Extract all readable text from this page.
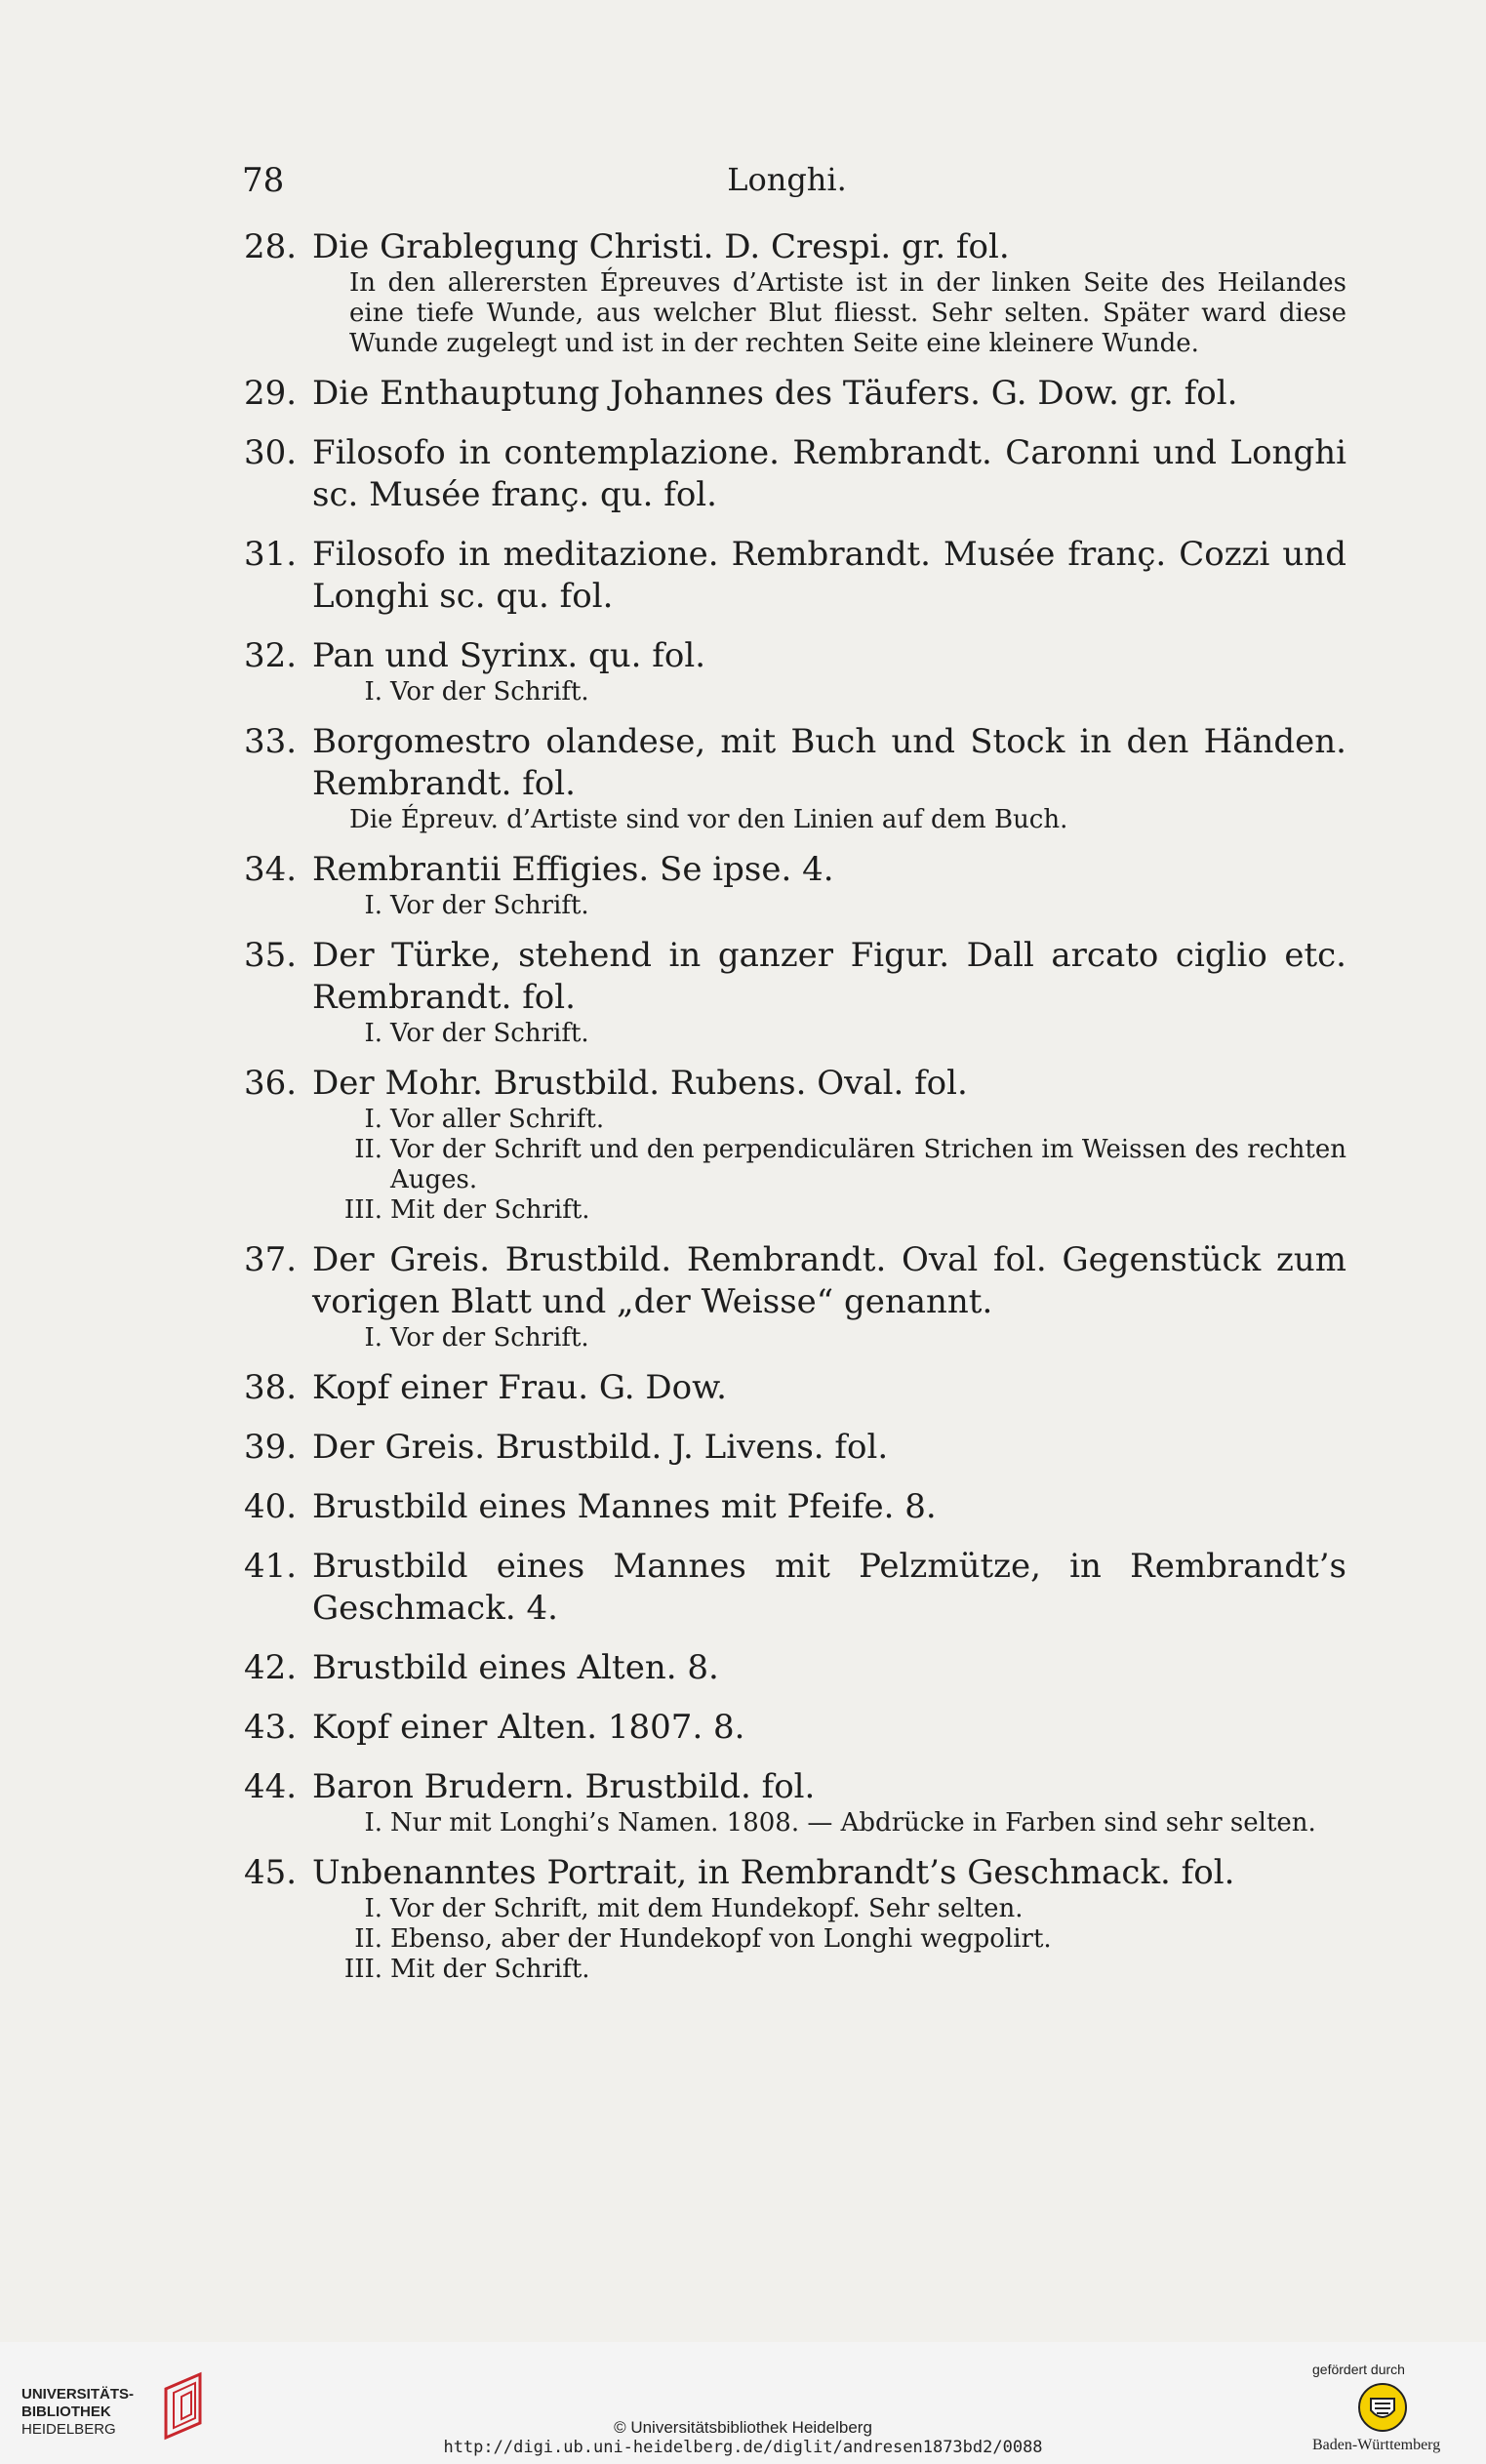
78	Longhi.
28. Die Grablegung Christi. D. Crespi. gr. fol.
In den allerersten Épreuves d’Artiste ist in der linken Seite des Heilandes eine tiefe Wunde, aus welcher Blut fliesst. Sehr selten. Später ward diese Wunde zugelegt und ist in der rechten Seite eine kleinere Wunde.
29. Die Enthauptung Johannes des Täufers. G. Dow. gr. fol.
30. Filosofo in contemplazione. Rembrandt. Caronni und Longhi sc. Musée franç. qu. fol.
31. Filosofo in meditazione. Rembrandt. Musée franç. Cozzi und Longhi sc. qu. fol.
32. Pan und Syrinx. qu. fol.
I. Vor der Schrift.
33. Borgomestro olandese, mit Buch und Stock in den Händen. Rembrandt. fol.
Die Épreuv. d’Artiste sind vor den Linien auf dem Buch.
34. Rembrantii Effigies. Se ipse. 4.
I. Vor der Schrift.
35. Der Türke, stehend in ganzer Figur. Dall arcato ciglio etc. Rembrandt. fol.
I. Vor der Schrift.
36. Der Mohr. Brustbild. Rubens. Oval. fol.
I. Vor aller Schrift.
II. Vor der Schrift und den perpendiculären Strichen im Weissen des rechten Auges.
III. Mit der Schrift.
37. Der Greis. Brustbild. Rembrandt. Oval fol. Gegenstück zum vorigen Blatt und „der Weisse“ genannt.
I. Vor der Schrift.
38. Kopf einer Frau. G. Dow.
39. Der Greis. Brustbild. J. Livens. fol.
40. Brustbild eines Mannes mit Pfeife. 8.
41. Brustbild eines Mannes mit Pelzmütze, in Rembrandt’s Geschmack. 4.
42. Brustbild eines Alten. 8.
43. Kopf einer Alten. 1807. 8.
44. Baron Brudern. Brustbild. fol.
I. Nur mit Longhi’s Namen. 1808. — Abdrücke in Farben sind sehr selten.
45. Unbenanntes Portrait, in Rembrandt’s Geschmack. fol.
I. Vor der Schrift, mit dem Hundekopf. Sehr selten.
II. Ebenso, aber der Hundekopf von Longhi wegpolirt.
III. Mit der Schrift.
UNIVERSITÄTS-
BIBLIOTHEK
HEIDELBERG	© Universitätsbibliothek Heidelberg
http://digi.ub.uni-heidelberg.de/diglit/andresen1873bd2/0088
gefördert durch
Baden-Württemberg
